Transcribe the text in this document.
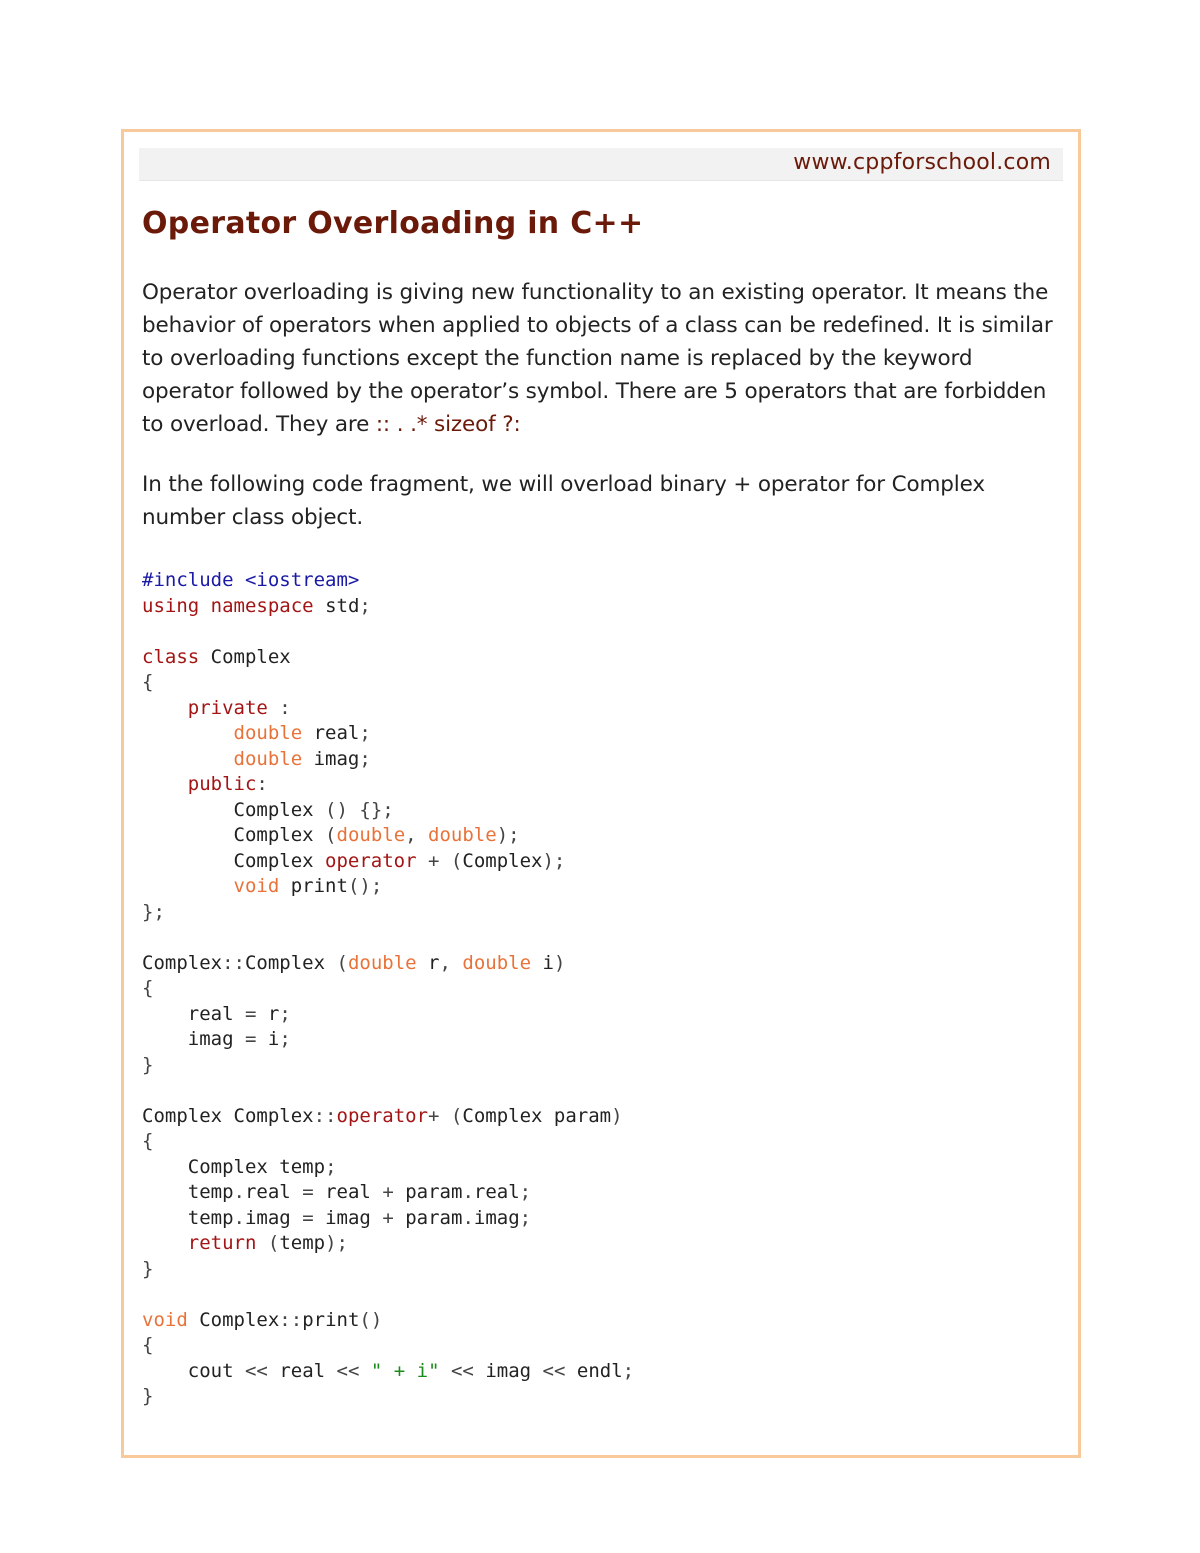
www.cppforschool.com
Operator Overloading in C++

Operator overloading is giving new functionality to an existing operator. It means the behavior of operators when applied to objects of a class can be redefined. It is similar to overloading functions except the function name is replaced by the keyword operator followed by the operator’s symbol. There are 5 operators that are forbidden to overload. They are :: . .* sizeof ?:

In the following code fragment, we will overload binary + operator for Complex number class object.

#include <iostream>
using namespace std;
class Complex
{
private :
double real;
double imag;
public:
Complex () {};
Complex (double, double);
Complex operator + (Complex);
void print();
};
Complex::Complex (double r, double i)
{
real = r;
imag = i;
}
Complex Complex::operator+ (Complex param)
{
Complex temp;
temp.real = real + param.real;
temp.imag = imag + param.imag;
return (temp);
}
void Complex::print()
{
cout << real << " + i" << imag << endl;
}
